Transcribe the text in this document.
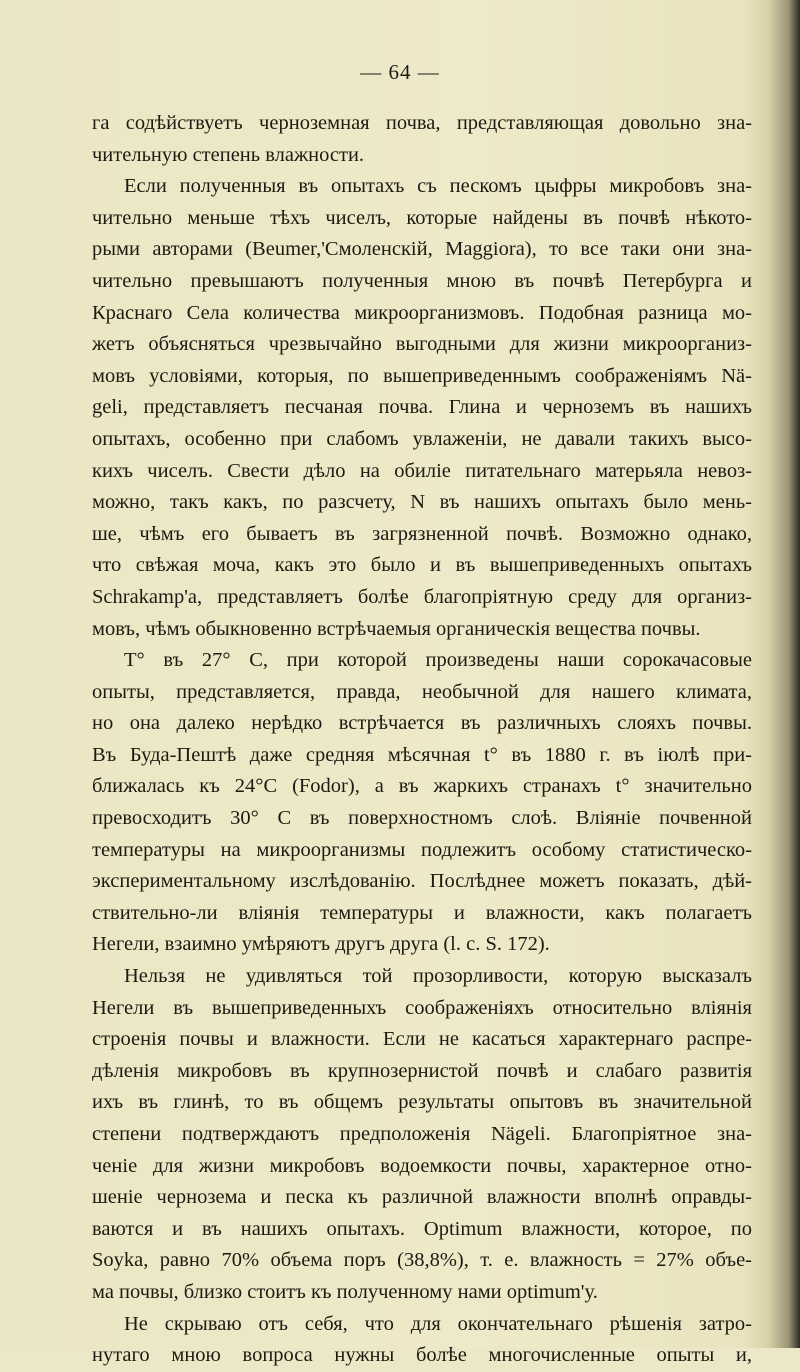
— 64 —
га содѣйствуетъ черноземная почва, представляющая довольно зна-
чительную степень влажности.
Если полученныя въ опытахъ съ пескомъ цыфры микробовъ зна-
чительно меньше тѣхъ чиселъ, которые найдены въ почвѣ нѣкото-
рыми авторами (Beumer,'Смоленскій, Maggiora), то все таки они зна-
чительно превышаютъ полученныя мною въ почвѣ Петербурга и
Краснаго Села количества микроорганизмовъ. Подобная разница мо-
жетъ объясняться чрезвычайно выгодными для жизни микроорганиз-
мовъ условіями, которыя, по вышеприведеннымъ соображеніямъ Nä-
geli, представляетъ песчаная почва. Глина и черноземъ въ нашихъ
опытахъ, особенно при слабомъ увлаженіи, не давали такихъ высо-
кихъ чиселъ. Свести дѣло на обиліе питательнаго матерьяла невоз-
можно, такъ какъ, по разсчету, N въ нашихъ опытахъ было мень-
ше, чѣмъ его бываетъ въ загрязненной почвѣ. Возможно однако,
что свѣжая моча, какъ это было и въ вышеприведенныхъ опытахъ
Schrakamp'a, представляетъ болѣе благопріятную среду для организ-
мовъ, чѣмъ обыкновенно встрѣчаемыя органическія вещества почвы.
T° въ 27° C, при которой произведены наши сорокачасовые
опыты, представляется, правда, необычной для нашего климата,
но она далеко нерѣдко встрѣчается въ различныхъ слояхъ почвы.
Въ Буда-Пештѣ даже средняя мѣсячная t° въ 1880 г. въ іюлѣ при-
ближалась къ 24°C (Fodor), а въ жаркихъ странахъ t° значительно
превосходитъ 30° C въ поверхностномъ слоѣ. Вліяніе почвенной
температуры на микроорганизмы подлежитъ особому статистическо-
экспериментальному изслѣдованію. Послѣднее можетъ показать, дѣй-
ствительно-ли вліянія температуры и влажности, какъ полагаетъ
Негели, взаимно умѣряютъ другъ друга (l. c. S. 172).
Нельзя не удивляться той прозорливости, которую высказалъ
Негели въ вышеприведенныхъ соображеніяхъ относительно вліянія
строенія почвы и влажности. Если не касаться характернаго распре-
дѣленія микробовъ въ крупнозернистой почвѣ и слабаго развитія
ихъ въ глинѣ, то въ общемъ результаты опытовъ въ значительной
степени подтверждаютъ предположенія Nägeli. Благопріятное зна-
ченіе для жизни микробовъ водоемкости почвы, характерное отно-
шеніе чернозема и песка къ различной влажности вполнѣ оправды-
ваются и въ нашихъ опытахъ. Optimum влажности, которое, по
Soyka, равно 70% объема поръ (38,8%), т. е. влажность = 27% объе-
ма почвы, близко стоитъ къ полученному нами optimum'у.
Не скрываю отъ себя, что для окончательнаго рѣшенія затро-
нутаго мною вопроса нужны болѣе многочисленные опыты и,
